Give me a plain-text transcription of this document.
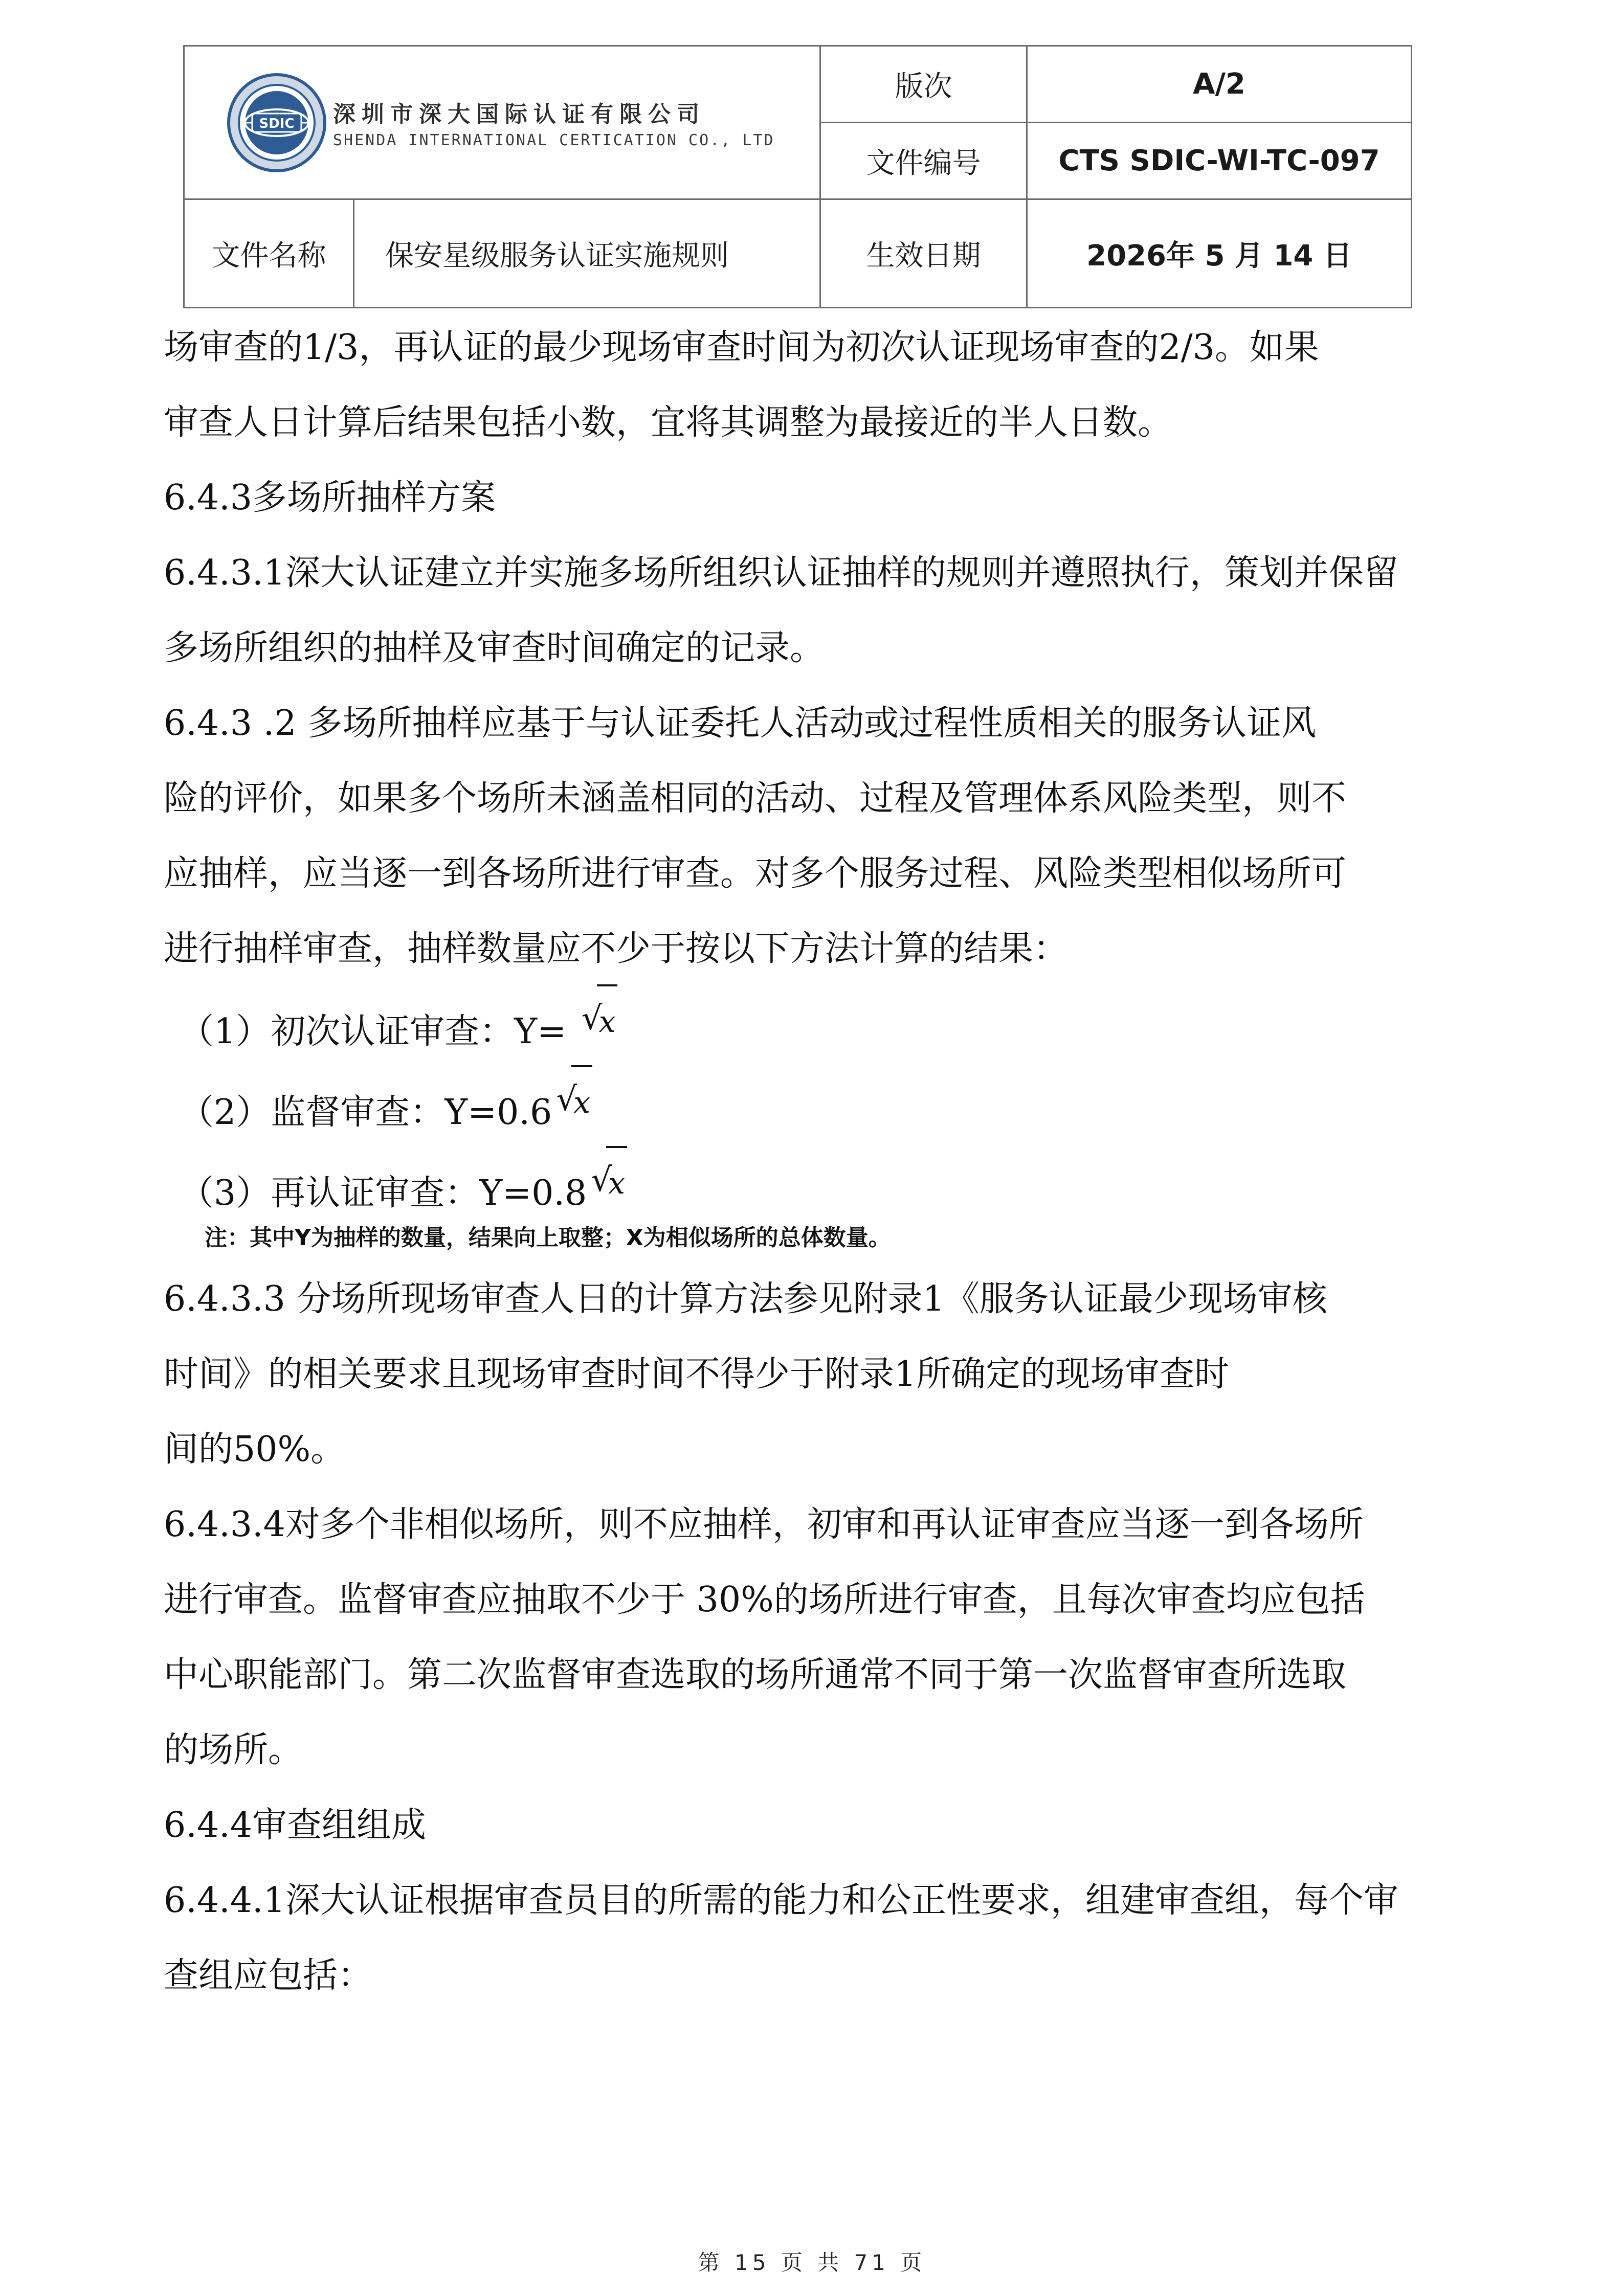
SDIC 深圳市深大国际认证有限公司
SHENDA INTERNATIONAL CERTICATION CO., LTD		版次	A/2
		文件编号	CTS SDIC-WI-TC-097
文件名称	保安星级服务认证实施规则	生效日期	2026年 5 月 14 日

场审查的1/3，再认证的最少现场审查时间为初次认证现场审查的2/3。如果

审查人日计算后结果包括小数，宜将其调整为最接近的半人日数。

6.4.3多场所抽样方案

6.4.3.1深大认证建立并实施多场所组织认证抽样的规则并遵照执行，策划并保留

多场所组织的抽样及审查时间确定的记录。

6.4.3 .2 多场所抽样应基于与认证委托人活动或过程性质相关的服务认证风

险的评价，如果多个场所未涵盖相同的活动、过程及管理体系风险类型，则不

应抽样，应当逐一到各场所进行审查。对多个服务过程、风险类型相似场所可

进行抽样审查，抽样数量应不少于按以下方法计算的结果：

（1）初次认证审查：Y= √
x

（2）监督审查：Y=0.6 √
x

（3）再认证审查：Y=0.8 √
x

注：其中Y为抽样的数量，结果向上取整；X为相似场所的总体数量。

6.4.3.3 分场所现场审查人日的计算方法参见附录1《服务认证最少现场审核

时间》的相关要求且现场审查时间不得少于附录1所确定的现场审查时

间的50%。

6.4.3.4对多个非相似场所，则不应抽样，初审和再认证审查应当逐一到各场所

进行审查。监督审查应抽取不少于 30%的场所进行审查，且每次审查均应包括

中心职能部门。第二次监督审查选取的场所通常不同于第一次监督审查所选取

的场所。

6.4.4审查组组成

6.4.4.1深大认证根据审查员目的所需的能力和公正性要求，组建审查组，每个审

查组应包括：

第 15 页 共 71 页
